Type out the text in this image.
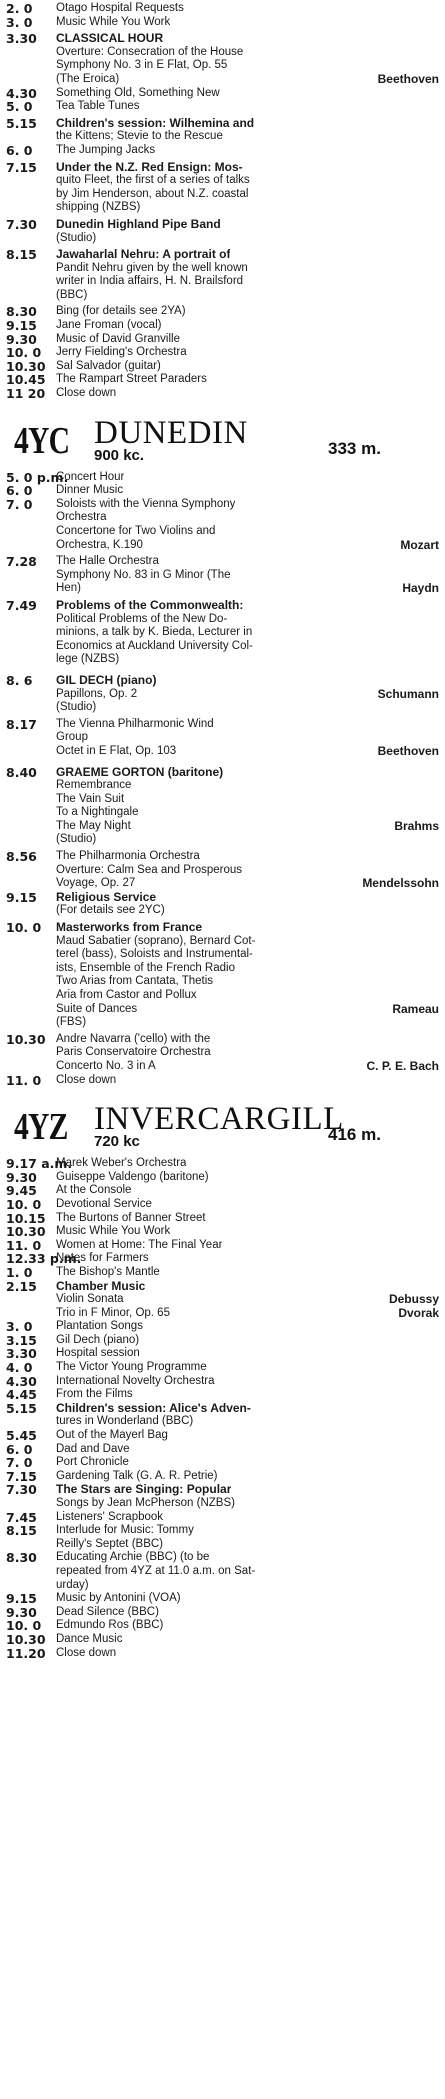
2. 0	Otago Hospital Requests
3. 0	Music While You Work
3.30	CLASSICAL HOUR
Overture: Consecration of the House
Symphony No. 3 in E Flat, Op. 55
(The Eroica)	Beethoven
4.30	Something Old, Something New
5. 0	Tea Table Tunes
5.15	Children's session: Wilhemina and
the Kittens; Stevie to the Rescue
6. 0	The Jumping Jacks
7.15	Under the N.Z. Red Ensign: Mos-
quito Fleet, the first of a series of talks
by Jim Henderson, about N.Z. coastal
shipping (NZBS)
7.30	Dunedin Highland Pipe Band
(Studio)
8.15	Jawaharlal Nehru: A portrait of
Pandit Nehru given by the well known
writer in India affairs, H. N. Brailsford
(BBC)
8.30	Bing (for details see 2YA)
9.15	Jane Froman (vocal)
9.30	Music of David Granville
10. 0	Jerry Fielding's Orchestra
10.30 Sal Salvador (guitar)
10.45 The Rampart Street Paraders
11 20 Close down
4YC DUNEDIN
900 kc.	333 m.
5. 0 p.m.
Concert Hour
6. 0	Dinner Music
7. 0	Soloists with the Vienna Symphony
Orchestra
Concertone for Two Violins and
Orchestra, K.190	Mozart
7.28	The Halle Orchestra
Symphony No. 83 in G Minor (The
Hen)	Haydn
7.49	Problems of the Commonwealth:
Political Problems of the New Do-
minions, a talk by K. Bieda, Lecturer in
Economics at Auckland University Col-
lege (NZBS)
8. 6	GIL DECH (piano)
Papillons, Op. 2	Schumann
(Studio)
8.17	The Vienna Philharmonic Wind
Group
Octet in E Flat, Op. 103	Beethoven
8.40	GRAEME GORTON (baritone)
Remembrance
The Vain Suit
To a Nightingale
The May Night	Brahms
(Studio)
8.56	The Philharmonia Orchestra
Overture: Calm Sea and Prosperous
Voyage, Op. 27	Mendelssohn
9.15	Religious Service
(For details see 2YC)
10. 0	Masterworks from France
Maud Sabatier (soprano), Bernard Cot-
terel (bass), Soloists and Instrumental-
ists, Ensemble of the French Radio
Two Arias from Cantata, Thetis
Aria from Castor and Pollux
Suite of Dances	Rameau
(FBS)
10.30 Andre Navarra ('cello) with the
Paris Conservatoire Orchestra
Concerto No. 3 in A	C. P. E. Bach
11. 0	Close down
4YZ INVERCARGILL
720 kc	416 m.
9.17 a.m.
Marek Weber's Orchestra
9.30	Guiseppe Valdengo (baritone)
9.45	At the Console
10. 0	Devotional Service
10.15 The Burtons of Banner Street
10.30 Music While You Work
11. 0	Women at Home: The Final Year
12.33 p.m.
Notes for Farmers
1. 0	The Bishop's Mantle
2.15	Chamber Music
Violin Sonata	Debussy
Trio in F Minor, Op. 65	Dvorak
3. 0	Plantation Songs
3.15	Gil Dech (piano)
3.30	Hospital session
4. 0	The Victor Young Programme
4.30	International Novelty Orchestra
4.45	From the Films
5.15	Children's session: Alice's Adven-
tures in Wonderland (BBC)
5.45	Out of the Mayerl Bag
6. 0	Dad and Dave
7. 0	Port Chronicle
7.15	Gardening Talk (G. A. R. Petrie)
7.30	The Stars are Singing: Popular
Songs by Jean McPherson (NZBS)
7.45	Listeners' Scrapbook
8.15	Interlude for Music: Tommy
Reilly's Septet (BBC)
8.30	Educating Archie (BBC) (to be
repeated from 4YZ at 11.0 a.m. on Sat-
urday)
9.15	Music by Antonini (VOA)
9.30	Dead Silence (BBC)
10. 0	Edmundo Ros (BBC)
10.30 Dance Music
11.20 Close down
